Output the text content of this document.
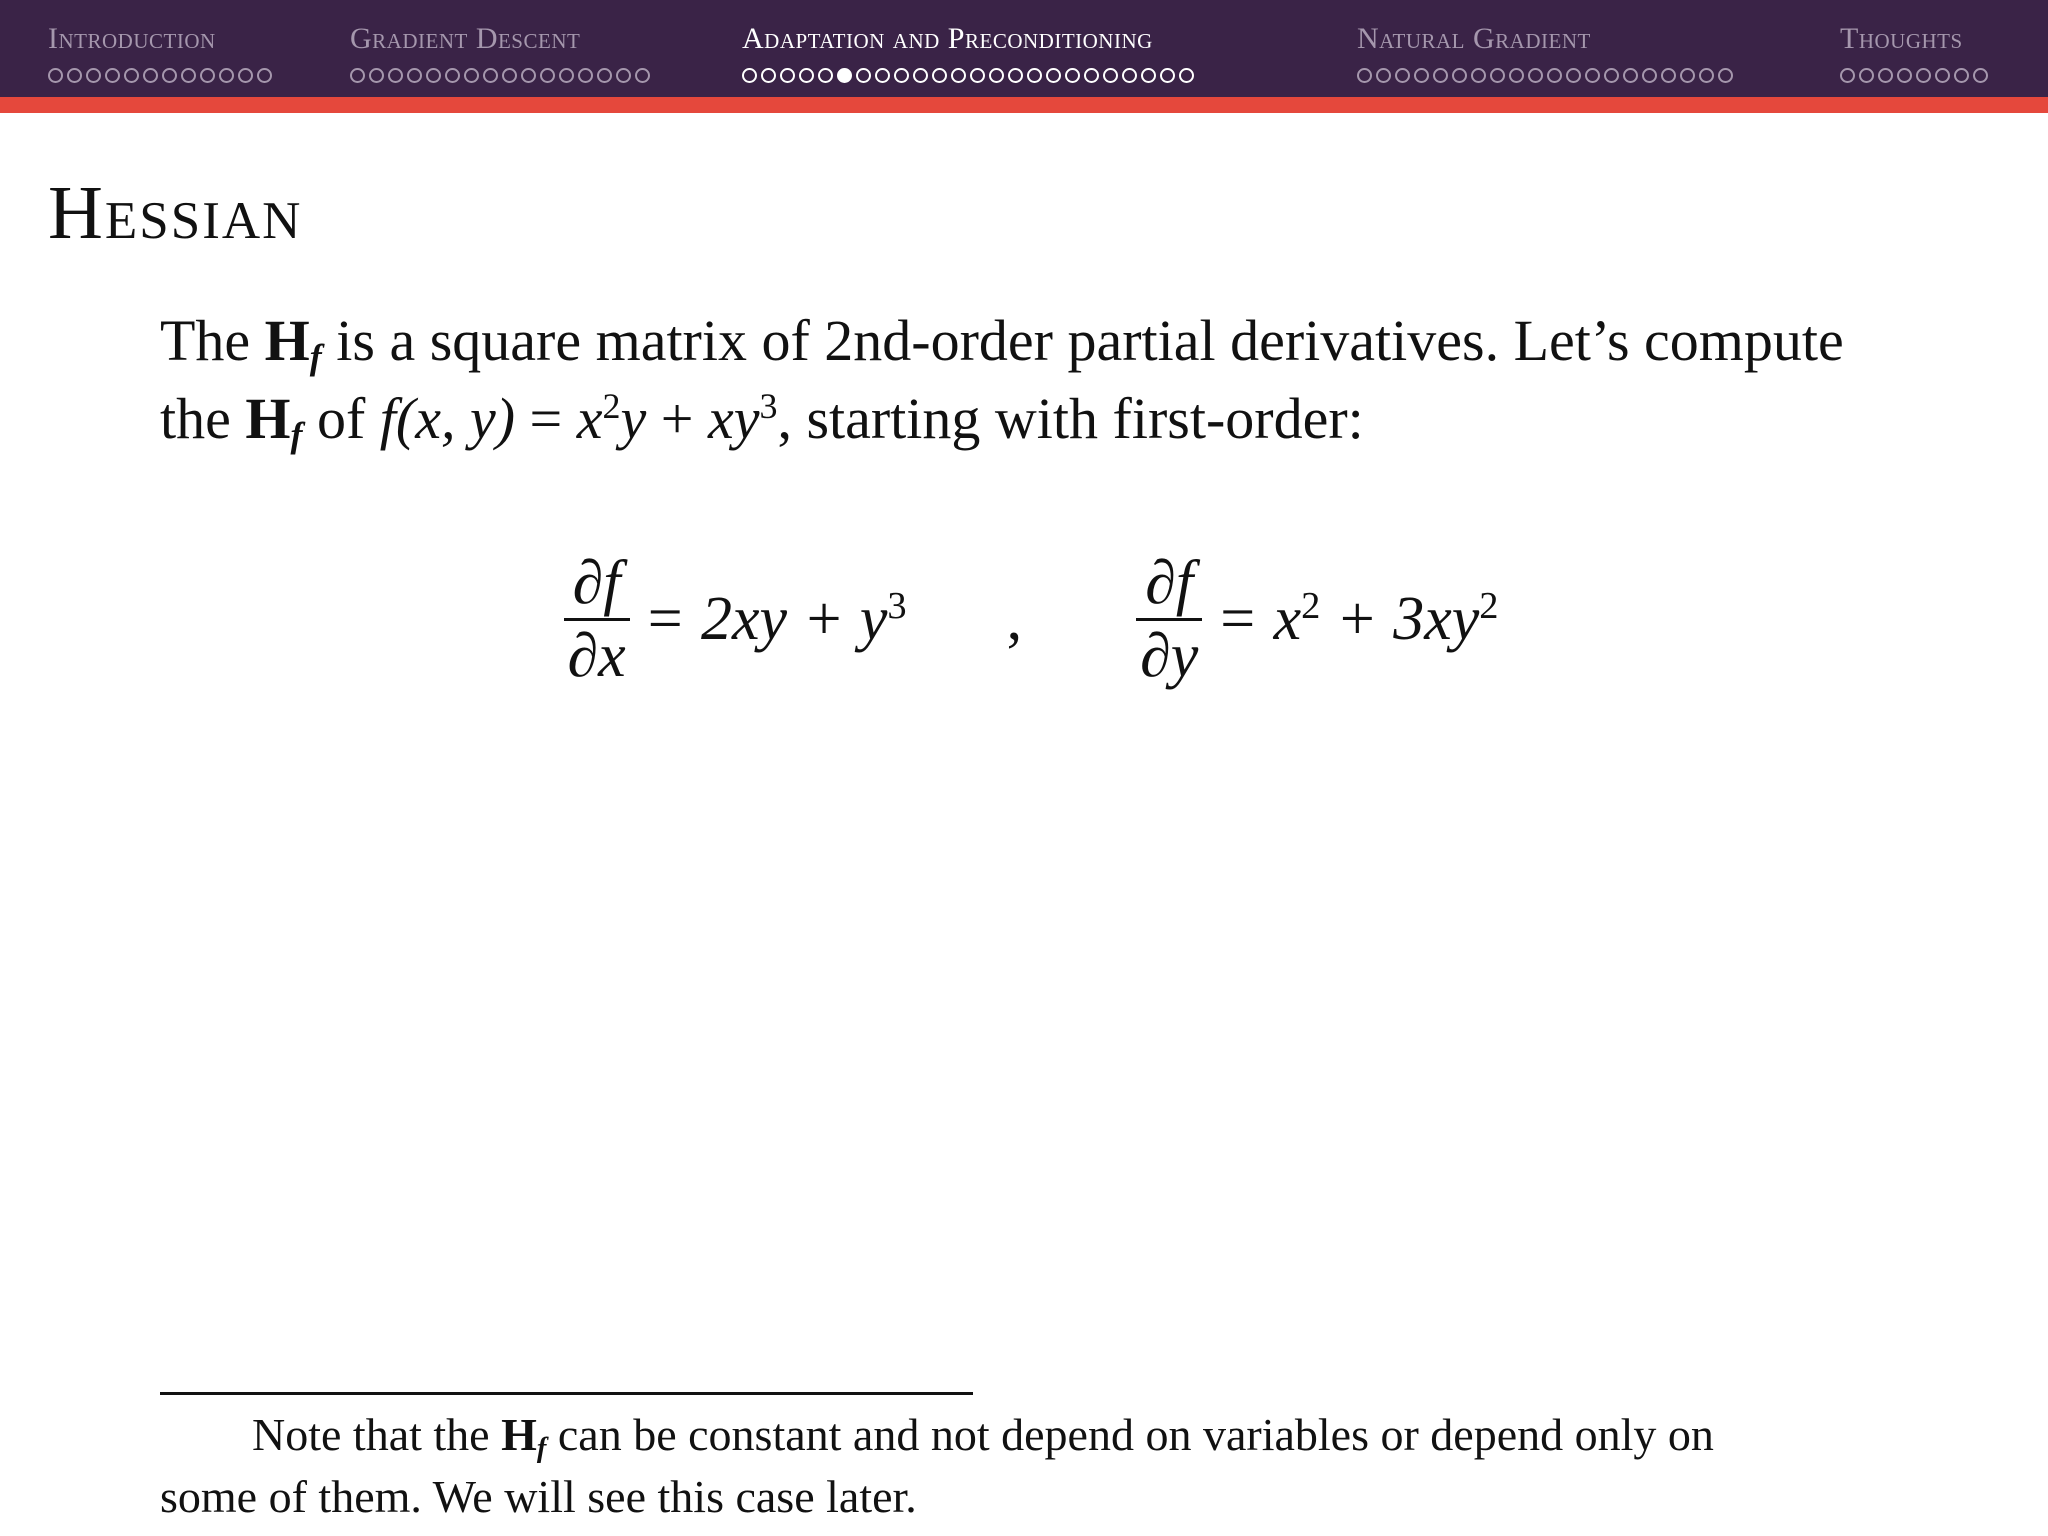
Introduction	Gradient Descent	Adaptation and Preconditioning	Natural Gradient	Thoughts
Hessian
The $H_f$ is a square matrix of 2nd-order partial derivatives. Let’s compute
the $H_f$ of f(x, $y) = x^2y + xy^3$, starting with first-order:
$\frac{\partial f}{\partial x} = 2xy + y^3$ , $\frac{\partial f}{\partial y} = x^2 + 3xy^2$
Note that the $H_f$ can be constant and not depend on variables or depend only on
some of them. We will see this case later.
